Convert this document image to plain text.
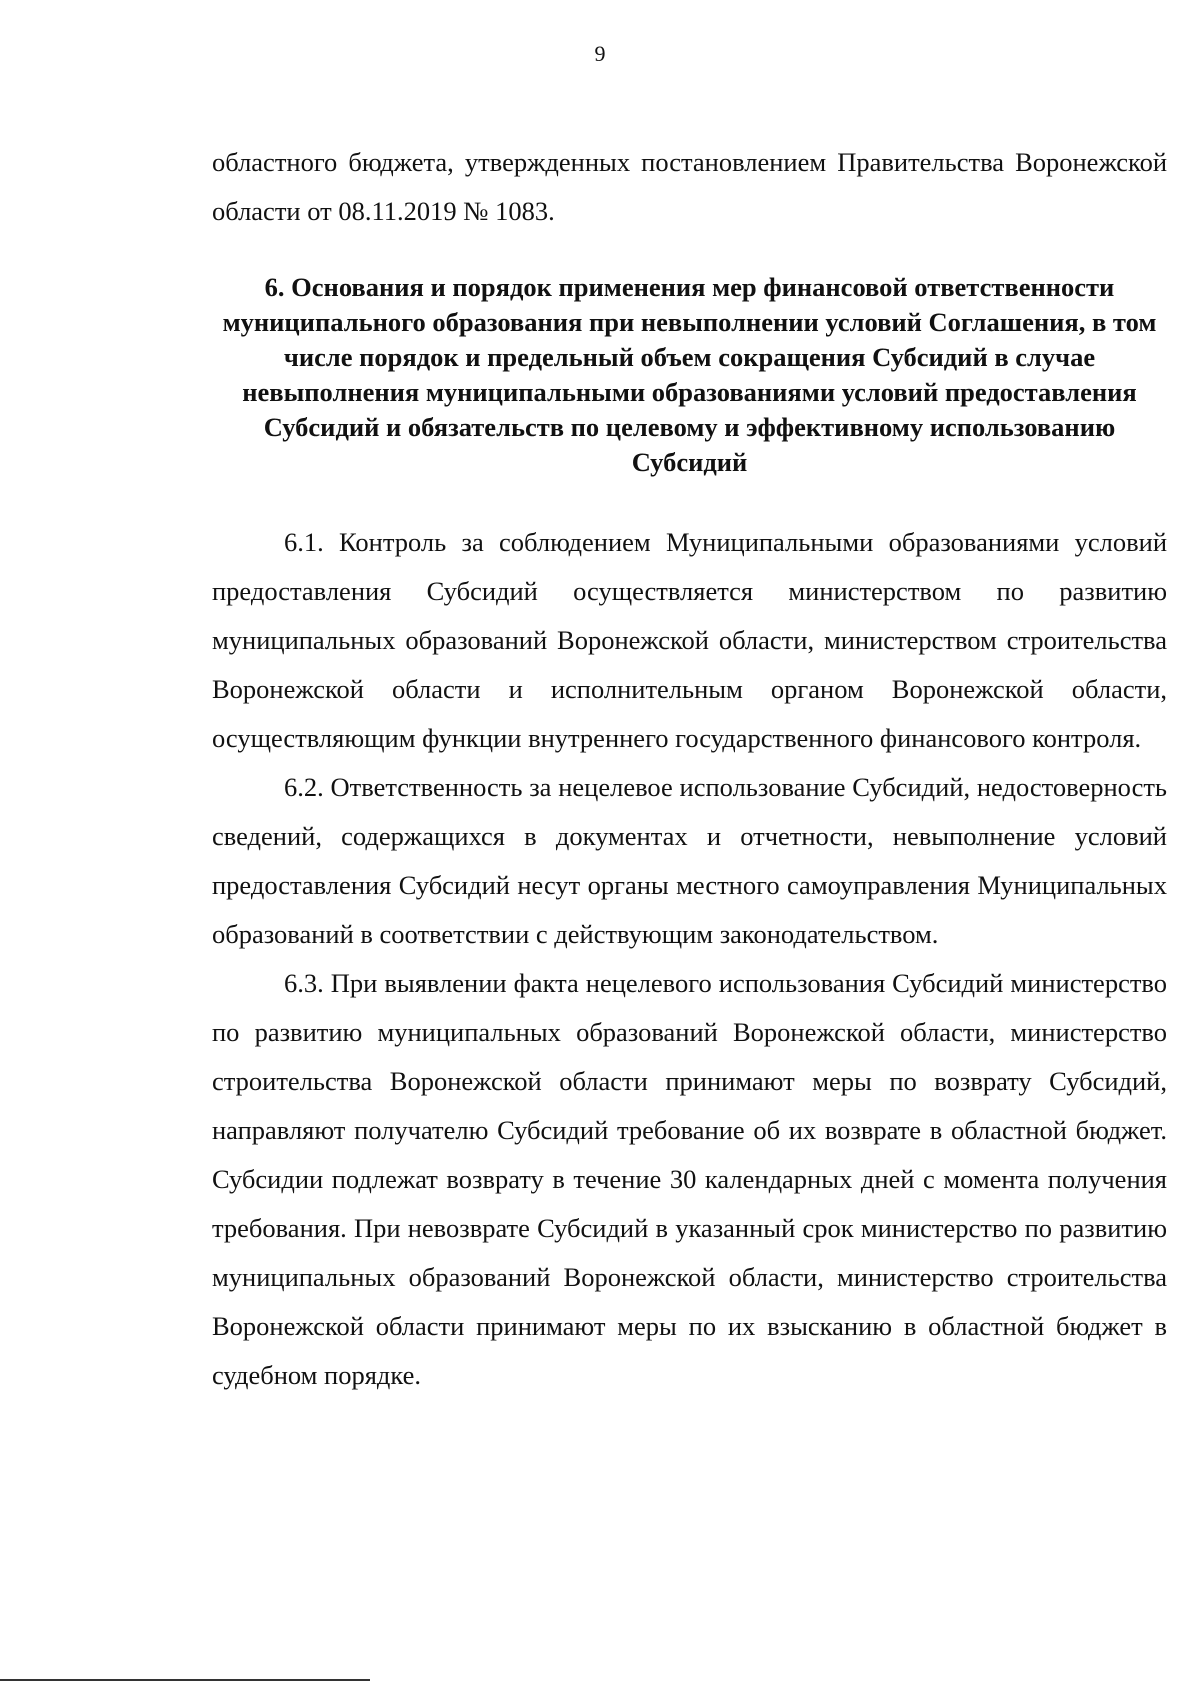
9

областного бюджета, утвержденных постановлением Правительства Воронежской области от 08.11.2019 № 1083.

6. Основания и порядок применения мер финансовой ответственности муниципального образования при невыполнении условий Соглашения, в том числе порядок и предельный объем сокращения Субсидий в случае невыполнения муниципальными образованиями условий предоставления Субсидий и обязательств по целевому и эффективному использованию Субсидий

6.1. Контроль за соблюдением Муниципальными образованиями условий предоставления Субсидий осуществляется министерством по развитию муниципальных образований Воронежской области, министерством строительства Воронежской области и исполнительным органом Воронежской области, осуществляющим функции внутреннего государственного финансового контроля.

6.2. Ответственность за нецелевое использование Субсидий, недостоверность сведений, содержащихся в документах и отчетности, невыполнение условий предоставления Субсидий несут органы местного самоуправления Муниципальных образований в соответствии с действующим законодательством.

6.3. При выявлении факта нецелевого использования Субсидий министерство по развитию муниципальных образований Воронежской области, министерство строительства Воронежской области принимают меры по возврату Субсидий, направляют получателю Субсидий требование об их возврате в областной бюджет. Субсидии подлежат возврату в течение 30 календарных дней с момента получения требования. При невозврате Субсидий в указанный срок министерство по развитию муниципальных образований Воронежской области, министерство строительства Воронежской области принимают меры по их взысканию в областной бюджет в судебном порядке.
